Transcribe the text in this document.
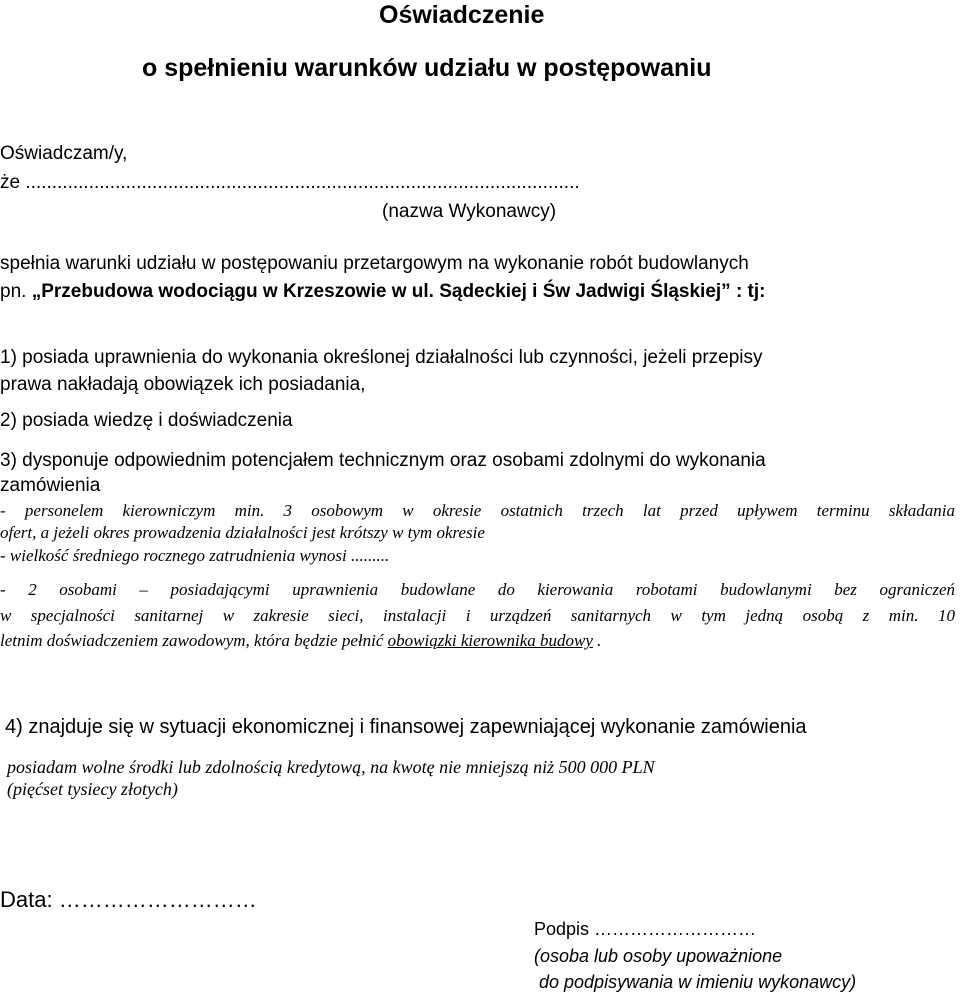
Oświadczenie
o spełnieniu warunków udziału w postępowaniu
Oświadczam/y,
że .........................................................................................................
(nazwa Wykonawcy)
spełnia warunki udziału w postępowaniu przetargowym na wykonanie robót budowlanych
pn. „Przebudowa wodociągu w Krzeszowie w ul. Sądeckiej i Św Jadwigi Śląskiej” : tj:
1) posiada uprawnienia do wykonania określonej działalności lub czynności, jeżeli przepisy
prawa nakładają obowiązek ich posiadania,
2) posiada wiedzę i doświadczenia
3) dysponuje odpowiednim potencjałem technicznym oraz osobami zdolnymi do wykonania
zamówienia
- personelem kierowniczym min. 3 osobowym w okresie ostatnich trzech lat przed upływem terminu składania
ofert, a jeżeli okres prowadzenia działalności jest krótszy w tym okresie
- wielkość średniego rocznego zatrudnienia wynosi .........
- 2 osobami – posiadającymi uprawnienia budowlane do kierowania robotami budowlanymi bez ograniczeń
w specjalności sanitarnej w zakresie sieci, instalacji i urządzeń sanitarnych w tym jedną osobą z min. 10
letnim doświadczeniem zawodowym, która będzie pełnić obowiązki kierownika budowy .
4) znajduje się w sytuacji ekonomicznej i finansowej zapewniającej wykonanie zamówienia
posiadam wolne środki lub zdolnością kredytową, na kwotę nie mniejszą niż 500 000 PLN
(pięćset tysiecy złotych)
Data: ………………………
Podpis ………………………
(osoba lub osoby upoważnione
do podpisywania w imieniu wykonawcy)
